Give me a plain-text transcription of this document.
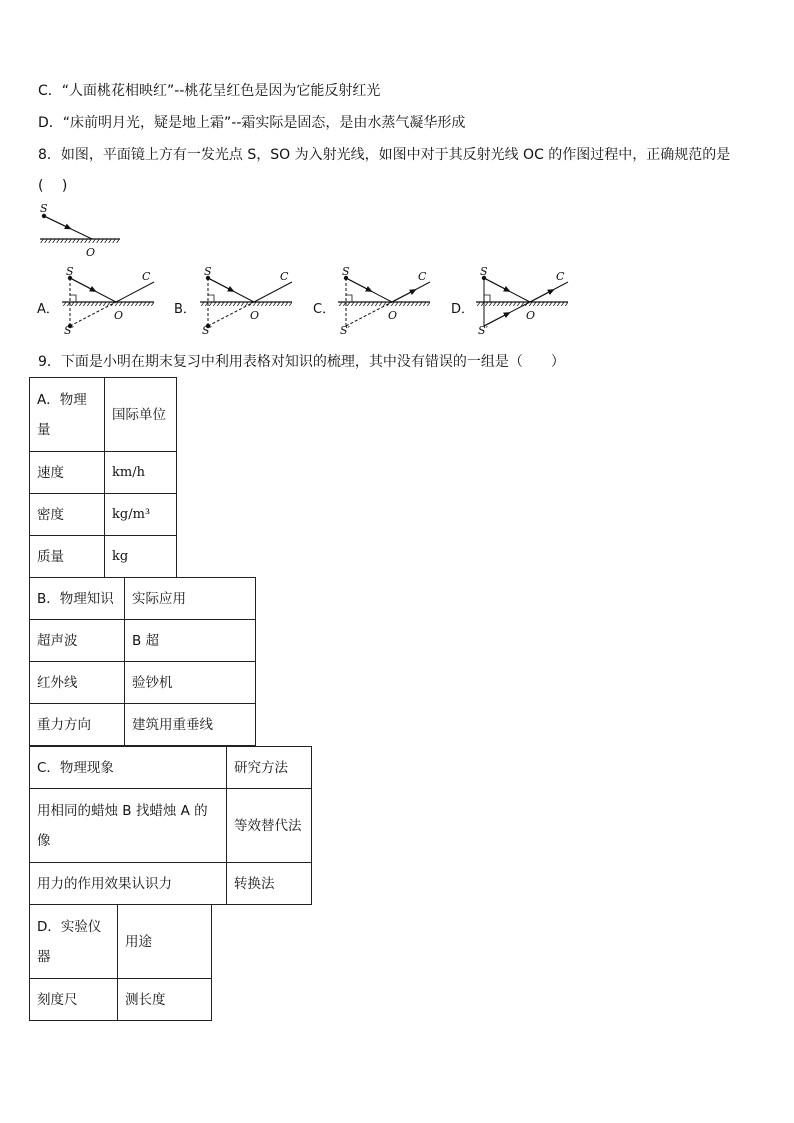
C．“人面桃花相映红”--桃花呈红色是因为它能反射红光
D．“床前明月光，疑是地上霜”--霜实际是固态，是由水蒸气凝华形成
8．如图，平面镜上方有一发光点 S，SO 为入射光线，如图中对于其反射光线 OC 的作图过程中，正确规范的是
(　 )
S
O
A．
S	C
O
S′
B．
S	C
O
S′
C．
S	C
O
S′
D．
S	C
O
S′
9．下面是小明在期末复习中利用表格对知识的梳理，其中没有错误的一组是（　　）
A．物理
量	国际单位
速度	km/h
密度	kg/m³
质量	kg
B．物理知识	实际应用
超声波	B 超
红外线	验钞机
重力方向	建筑用重垂线
C．物理现象	研究方法

用相同的蜡烛 B 找蜡烛 A 的
像	等效替代法
用力的作用效果认识力	转换法
D．实验仪
器	用途
刻度尺	测长度
